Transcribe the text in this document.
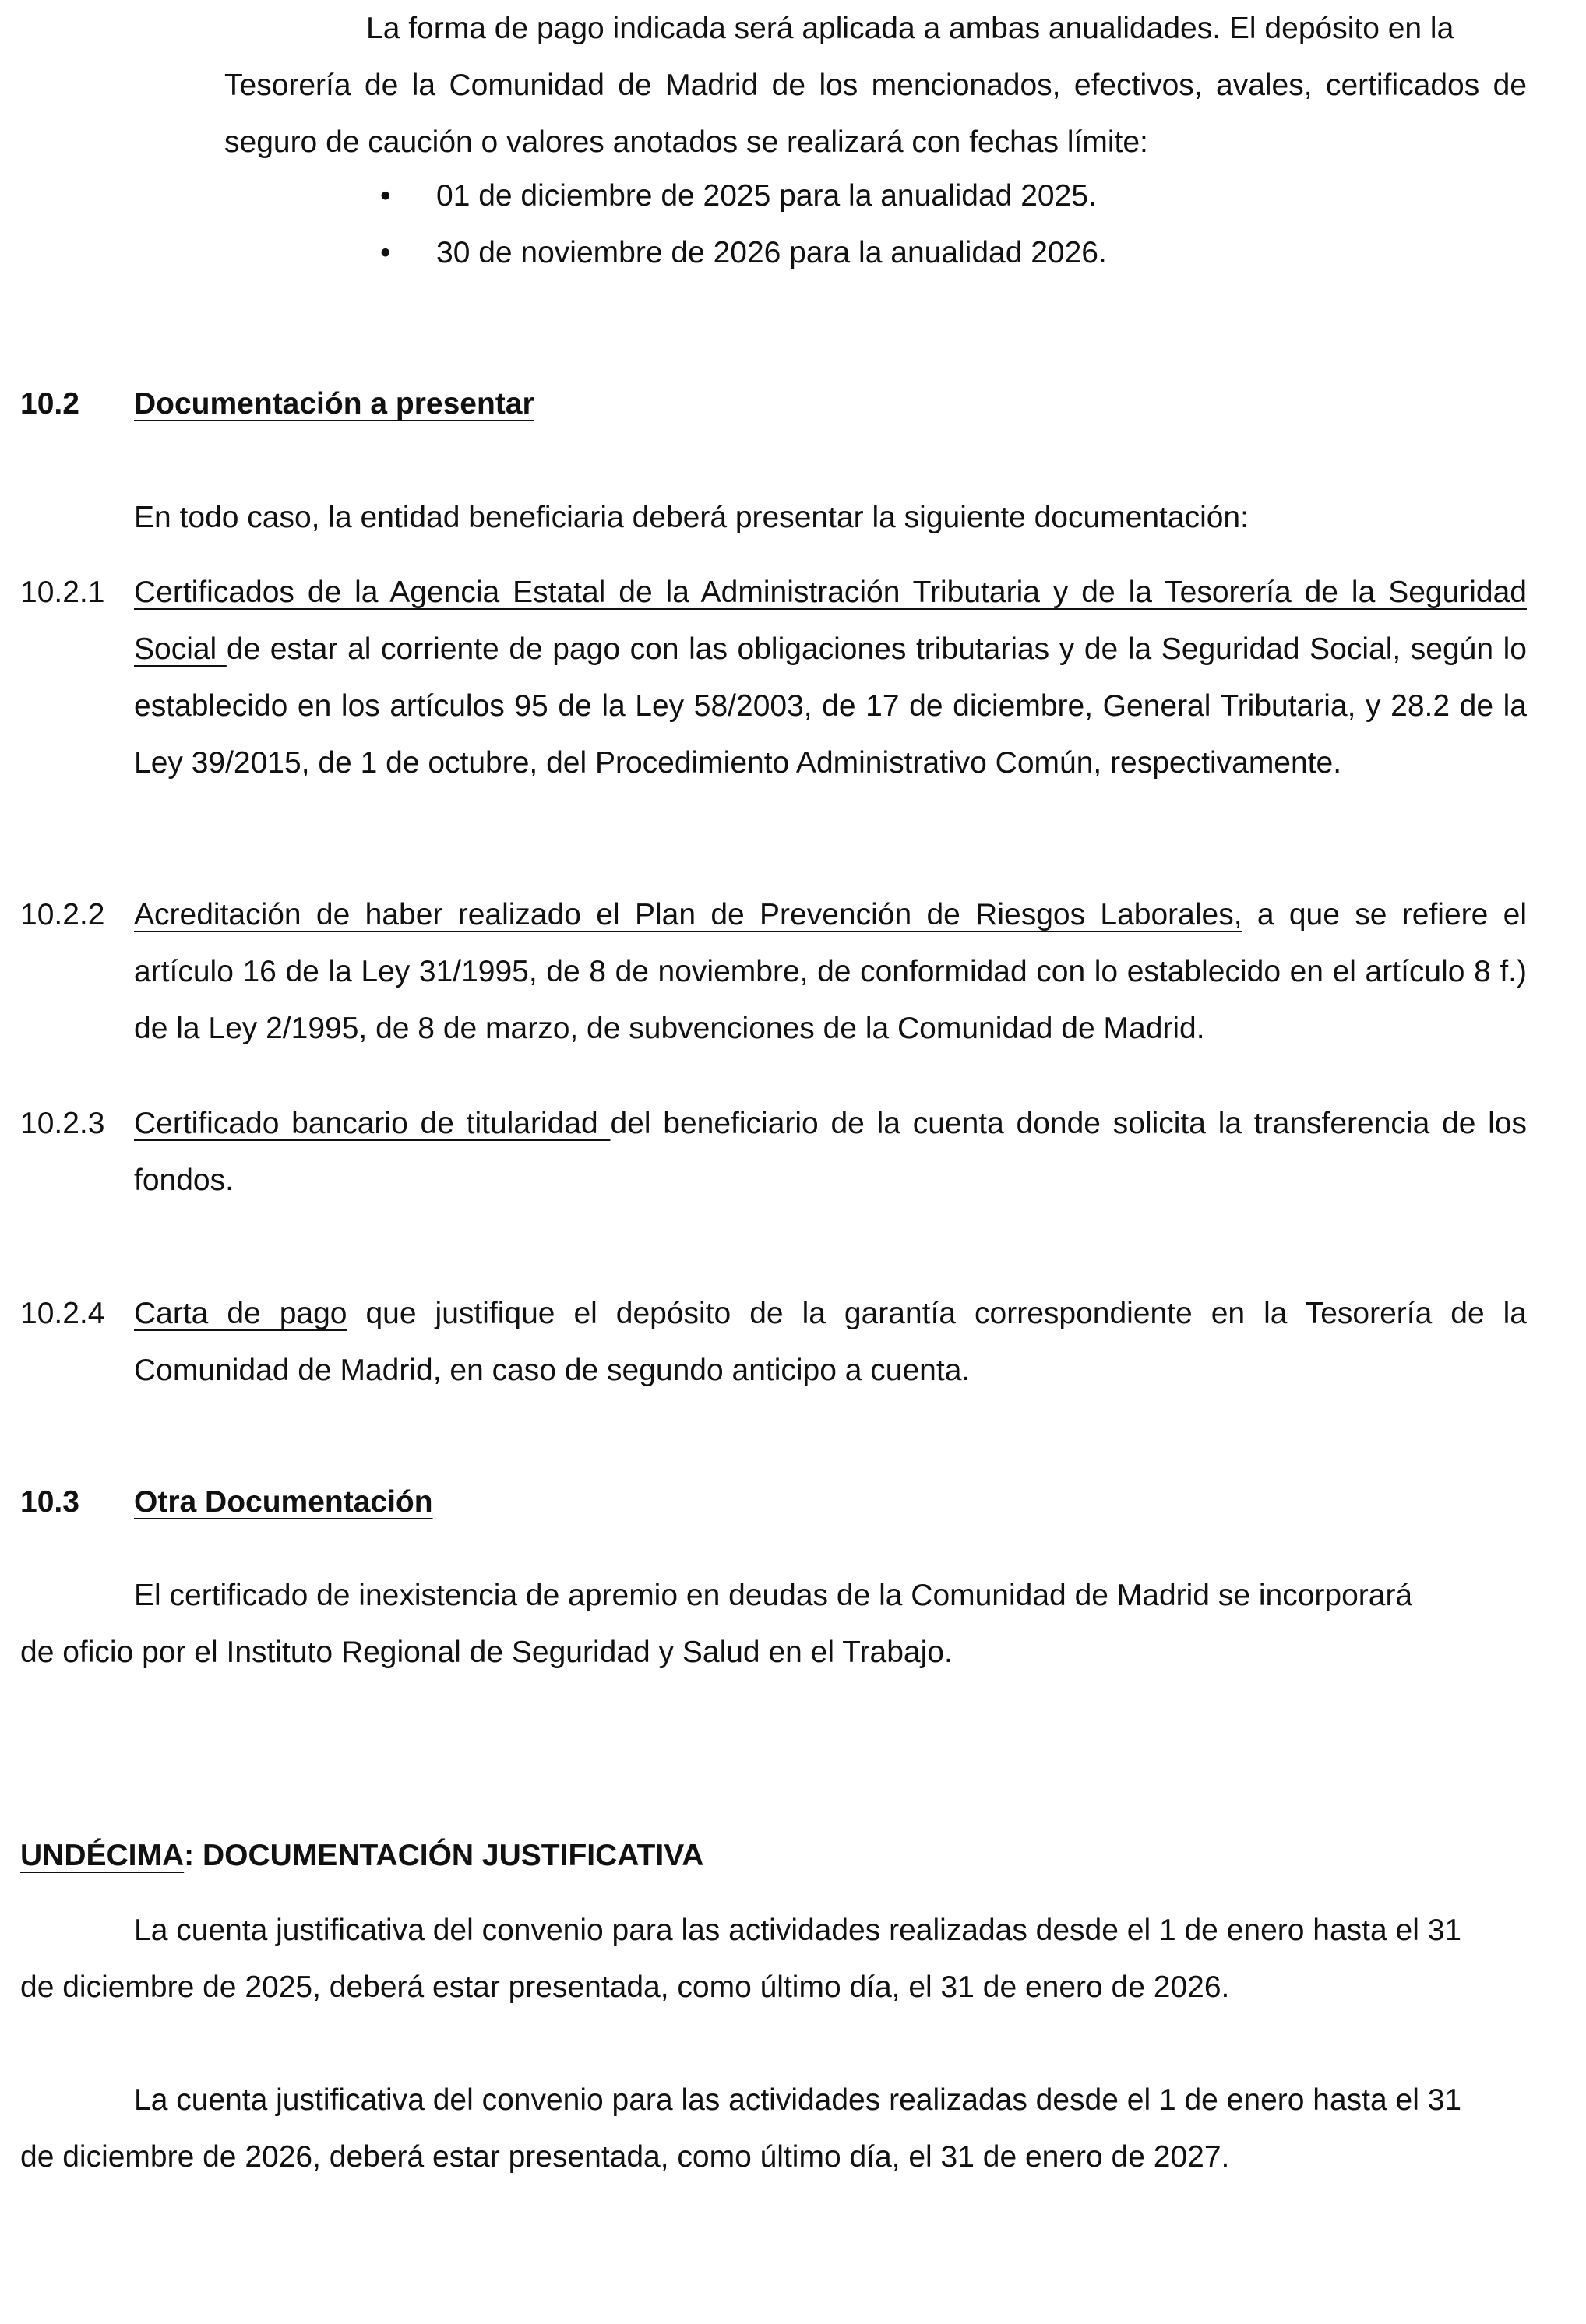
La forma de pago indicada será aplicada a ambas anualidades. El depósito en la
Tesorería de la Comunidad de Madrid de los mencionados, efectivos, avales, certificados de seguro de caución o valores anotados se realizará con fechas límite:
•	01 de diciembre de 2025 para la anualidad 2025.
•	30 de noviembre de 2026 para la anualidad 2026.
10.2 Documentación a presentar
En todo caso, la entidad beneficiaria deberá presentar la siguiente documentación:
10.2.1 Certificados de la Agencia Estatal de la Administración Tributaria y de la Tesorería de la Seguridad Social de estar al corriente de pago con las obligaciones tributarias y de la Seguridad Social, según lo establecido en los artículos 95 de la Ley 58/2003, de 17 de diciembre, General Tributaria, y 28.2 de la Ley 39/2015, de 1 de octubre, del Procedimiento Administrativo Común, respectivamente.
10.2.2 Acreditación de haber realizado el Plan de Prevención de Riesgos Laborales, a que se refiere el artículo 16 de la Ley 31/1995, de 8 de noviembre, de conformidad con lo establecido en el artículo 8 f.) de la Ley 2/1995, de 8 de marzo, de subvenciones de la Comunidad de Madrid.
10.2.3 Certificado bancario de titularidad del beneficiario de la cuenta donde solicita la transferencia de los fondos.
10.2.4 Carta de pago que justifique el depósito de la garantía correspondiente en la Tesorería de la Comunidad de Madrid, en caso de segundo anticipo a cuenta.
10.3 Otra Documentación
El certificado de inexistencia de apremio en deudas de la Comunidad de Madrid se incorporará
de oficio por el Instituto Regional de Seguridad y Salud en el Trabajo.
UNDÉCIMA: DOCUMENTACIÓN JUSTIFICATIVA
La cuenta justificativa del convenio para las actividades realizadas desde el 1 de enero hasta el 31
de diciembre de 2025, deberá estar presentada, como último día, el 31 de enero de 2026.
La cuenta justificativa del convenio para las actividades realizadas desde el 1 de enero hasta el 31
de diciembre de 2026, deberá estar presentada, como último día, el 31 de enero de 2027.
